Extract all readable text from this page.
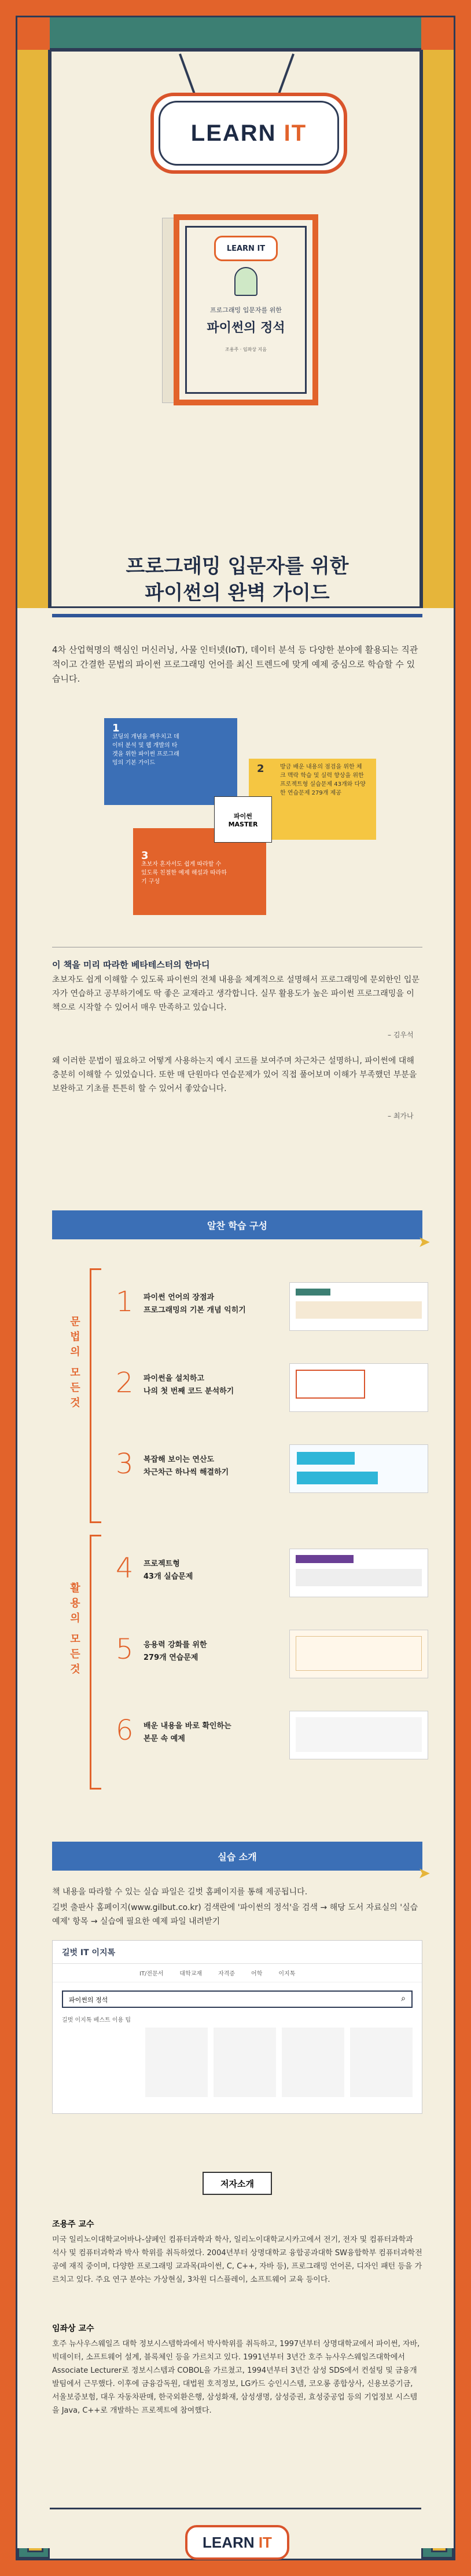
LEARN IT
LEARN IT
프로그래밍 입문자를 위한
파이썬의 정석
조용주 · 임좌상 지음
프로그래밍 입문자를 위한
파이썬의 완벽 가이드
4차 산업혁명의 핵심인 머신러닝, 사물 인터넷(IoT), 데이터 분석 등 다양한 분야에 활용되는 직관적이고 간결한 문법의 파이썬 프로그래밍 언어를 최신 트렌드에 맞게 예제 중심으로 학습할 수 있습니다.
1
코딩의 개념을 깨우치고 데이터 분석 및 웹 개발의 타겟을 위한 파이썬 프로그래밍의 기본 가이드	2	방금 배운 내용의 점검을 위한 체크 맥락 학습 및 실력 향상을 위한 프로젝트형 실습문제 43개와 다양한 연습문제 279개 제공
3
초보자 혼자서도 쉽게 따라할 수 있도록 친절한 예제 해설과 따라하기 구성
파이썬
MASTER
이 책을 미리 따라한 베타테스터의 한마디
초보자도 쉽게 이해할 수 있도록 파이썬의 전체 내용을 체계적으로 설명해서 프로그래밍에 문외한인 입문자가 연습하고 공부하기에도 딱 좋은 교재라고 생각합니다. 실무 활용도가 높은 파이썬 프로그래밍을 이 책으로 시작할 수 있어서 매우 만족하고 있습니다.
– 김우석
왜 이러한 문법이 필요하고 어떻게 사용하는지 예시 코드를 보여주며 차근차근 설명하니, 파이썬에 대해 충분히 이해할 수 있었습니다. 또한 매 단원마다 연습문제가 있어 직접 풀어보며 이해가 부족했던 부분을 보완하고 기초를 튼튼히 할 수 있어서 좋았습니다.
– 최가나
알찬 학습 구성
➤
문
법
의
모
든
것
활
용
의
모
든
것
1 파이썬 언어의 장점과
프로그래밍의 기본 개념 익히기
2 파이썬을 설치하고
나의 첫 번째 코드 분석하기
3 복잡해 보이는 연산도
차근차근 하나씩 해결하기
4 프로젝트형
43개 실습문제
5 응용력 강화를 위한
279개 연습문제
6 배운 내용을 바로 확인하는
본문 속 예제
실습 소개
➤
책 내용을 따라할 수 있는 실습 파일은 길벗 홈페이지를 통해 제공됩니다.
길벗 출판사 홈페이지(www.gilbut.co.kr) 검색란에 '파이썬의 정석'을 검색 → 해당 도서 자료실의 '실습예제' 항목 → 실습에 필요한 예제 파일 내려받기
길벗 IT 이지톡
IT/전문서	대학교재	자격증	어학	이지톡
파이썬의 정석	⌕
길벗 이지톡 베스트 이용 팁
저자소개
조용주 교수
미국 일리노이대학교어바나-샴페인 컴퓨터과학과 학사, 일리노이대학교시카고에서 전기, 전자 및 컴퓨터과학과 석사 및 컴퓨터과학과 박사 학위를 취득하였다. 2004년부터 상명대학교 융합공과대학 SW융합학부 컴퓨터과학전공에 재직 중이며, 다양한 프로그래밍 교과목(파이썬, C, C++, 자바 등), 프로그래밍 언어론, 디자인 패턴 등을 가르치고 있다. 주요 연구 분야는 가상현실, 3차원 디스플레이, 소프트웨어 교육 등이다.
임좌상 교수
호주 뉴사우스웨일즈 대학 정보시스템학과에서 박사학위를 취득하고, 1997년부터 상명대학교에서 파이썬, 자바, 빅데이터, 소프트웨어 설계, 블록체인 등을 가르치고 있다. 1991년부터 3년간 호주 뉴사우스웨일즈대학에서 Associate Lecturer로 정보시스템과 COBOL을 가르쳤고, 1994년부터 3년간 삼성 SDS에서 컨설팅 및 금융개발팀에서 근무했다. 이후에 금융감독원, 대법원 호적정보, LG카드 승인시스템, 코오롱 종합상사, 신용보증기금, 서울보증보험, 대우 자동차판매, 한국외환은행, 삼성화재, 삼성생명, 삼성증권, 효성중공업 등의 기업정보 시스템을 Java, C++로 개발하는 프로젝트에 참여했다.
LEARN IT
